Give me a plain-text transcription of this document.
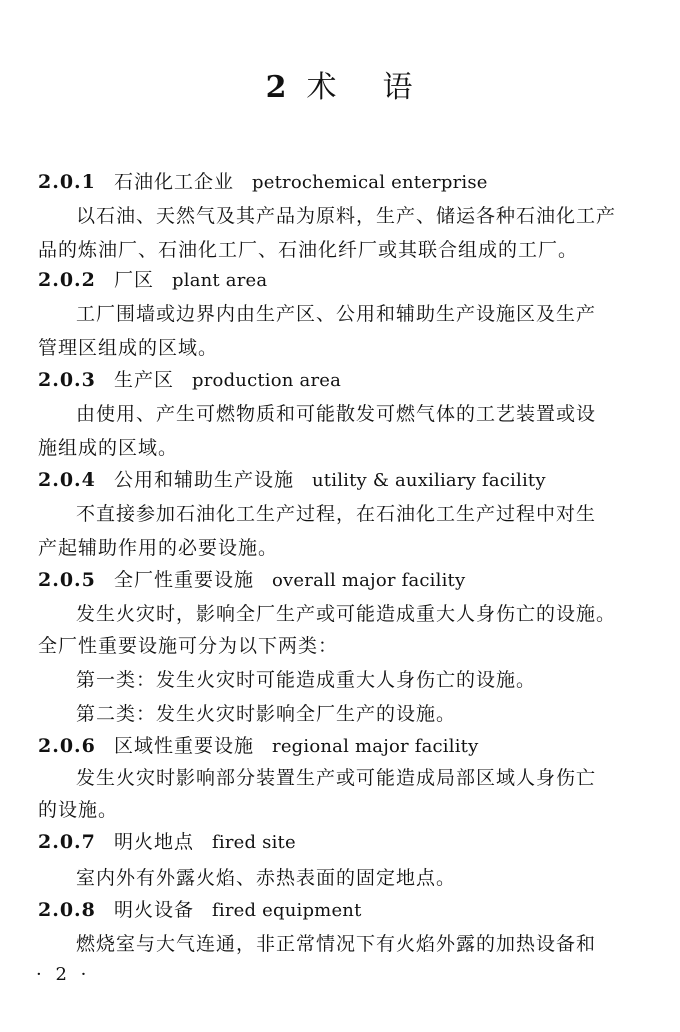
2 术 语
2.0.1 石油化工企业 petrochemical enterprise
以石油、天然气及其产品为原料，生产、储运各种石油化工产
品的炼油厂、石油化工厂、石油化纤厂或其联合组成的工厂。
2.0.2 厂区 plant area
工厂围墙或边界内由生产区、公用和辅助生产设施区及生产
管理区组成的区域。
2.0.3 生产区 production area
由使用、产生可燃物质和可能散发可燃气体的工艺装置或设
施组成的区域。
2.0.4 公用和辅助生产设施 utility & auxiliary facility
不直接参加石油化工生产过程，在石油化工生产过程中对生
产起辅助作用的必要设施。
2.0.5 全厂性重要设施 overall major facility
发生火灾时，影响全厂生产或可能造成重大人身伤亡的设施。
全厂性重要设施可分为以下两类：
第一类：发生火灾时可能造成重大人身伤亡的设施。
第二类：发生火灾时影响全厂生产的设施。
2.0.6 区域性重要设施 regional major facility
发生火灾时影响部分装置生产或可能造成局部区域人身伤亡
的设施。
2.0.7 明火地点 fired site
室内外有外露火焰、赤热表面的固定地点。
2.0.8 明火设备 fired equipment
燃烧室与大气连通，非正常情况下有火焰外露的加热设备和
· 2 ·
